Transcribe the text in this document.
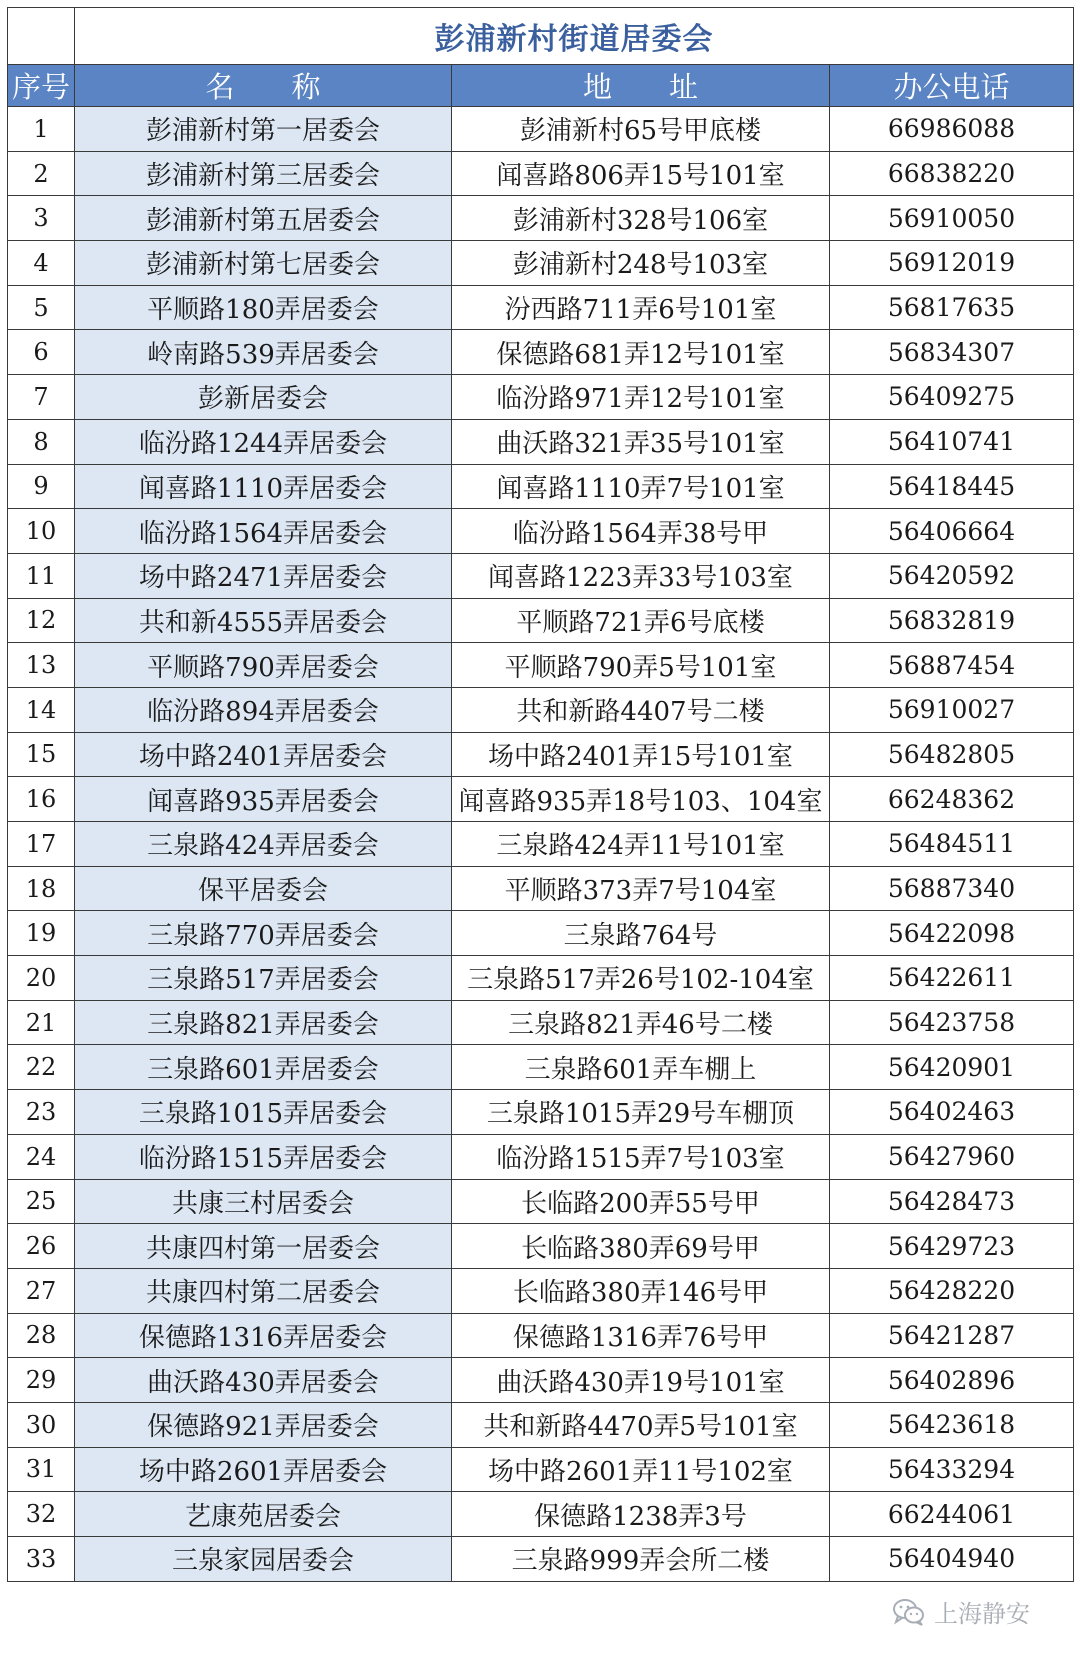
	彭浦新村街道居委会		
序号	名　称	地　址	办公电话
1	彭浦新村第一居委会	彭浦新村65号甲底楼	66986088
2	彭浦新村第三居委会	闻喜路806弄15号101室	66838220
3	彭浦新村第五居委会	彭浦新村328号106室	56910050
4	彭浦新村第七居委会	彭浦新村248号103室	56912019
5	平顺路180弄居委会	汾西路711弄6号101室	56817635
6	岭南路539弄居委会	保德路681弄12号101室	56834307
7	彭新居委会	临汾路971弄12号101室	56409275
8	临汾路1244弄居委会	曲沃路321弄35号101室	56410741
9	闻喜路1110弄居委会	闻喜路1110弄7号101室	56418445
10	临汾路1564弄居委会	临汾路1564弄38号甲	56406664
11	场中路2471弄居委会	闻喜路1223弄33号103室	56420592
12	共和新4555弄居委会	平顺路721弄6号底楼	56832819
13	平顺路790弄居委会	平顺路790弄5号101室	56887454
14	临汾路894弄居委会	共和新路4407号二楼	56910027
15	场中路2401弄居委会	场中路2401弄15号101室	56482805
16	闻喜路935弄居委会	闻喜路935弄18号103、104室	66248362
17	三泉路424弄居委会	三泉路424弄11号101室	56484511
18	保平居委会	平顺路373弄7号104室	56887340
19	三泉路770弄居委会	三泉路764号	56422098
20	三泉路517弄居委会	三泉路517弄26号102-104室	56422611
21	三泉路821弄居委会	三泉路821弄46号二楼	56423758
22	三泉路601弄居委会	三泉路601弄车棚上	56420901
23	三泉路1015弄居委会	三泉路1015弄29号车棚顶	56402463
24	临汾路1515弄居委会	临汾路1515弄7号103室	56427960
25	共康三村居委会	长临路200弄55号甲	56428473
26	共康四村第一居委会	长临路380弄69号甲	56429723
27	共康四村第二居委会	长临路380弄146号甲	56428220
28	保德路1316弄居委会	保德路1316弄76号甲	56421287
29	曲沃路430弄居委会	曲沃路430弄19号101室	56402896
30	保德路921弄居委会	共和新路4470弄5号101室	56423618
31	场中路2601弄居委会	场中路2601弄11号102室	56433294
32	艺康苑居委会	保德路1238弄3号	66244061
33	三泉家园居委会	三泉路999弄会所二楼	56404940
上海静安
